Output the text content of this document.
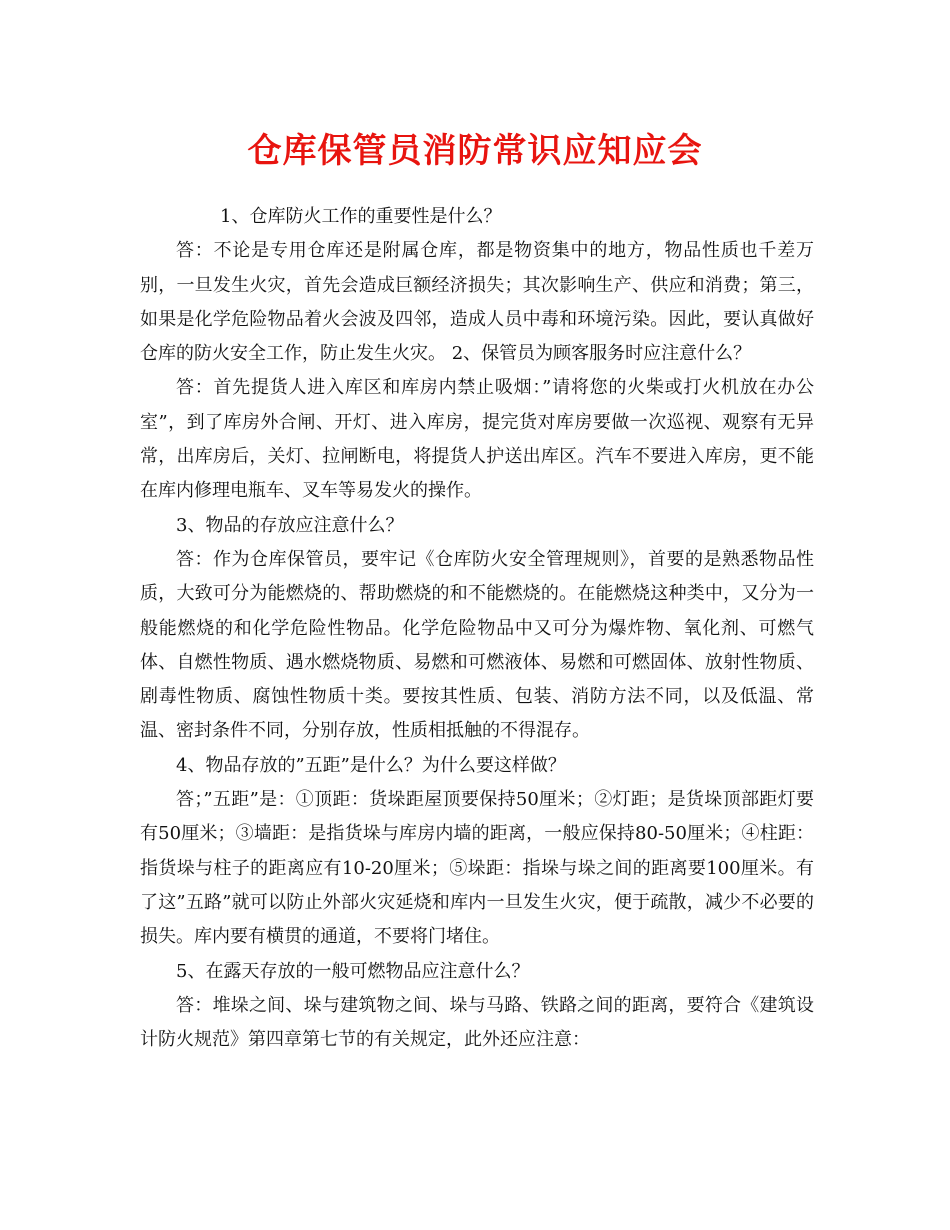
仓库保管员消防常识应知应会

1、仓库防火工作的重要性是什么？

答：不论是专用仓库还是附属仓库，都是物资集中的地方，物品性质也千差万别，一旦发生火灾，首先会造成巨额经济损失；其次影响生产、供应和消费；第三，如果是化学危险物品着火会波及四邻，造成人员中毒和环境污染。因此，要认真做好仓库的防火安全工作，防止发生火灾。 2、保管员为顾客服务时应注意什么？

答：首先提货人进入库区和库房内禁止吸烟：”请将您的火柴或打火机放在办公室”，到了库房外合闸、开灯、进入库房，提完货对库房要做一次巡视、观察有无异常，出库房后，关灯、拉闸断电，将提货人护送出库区。汽车不要进入库房，更不能在库内修理电瓶车、叉车等易发火的操作。

3、物品的存放应注意什么？

答：作为仓库保管员，要牢记《仓库防火安全管理规则》，首要的是熟悉物品性质，大致可分为能燃烧的、帮助燃烧的和不能燃烧的。在能燃烧这种类中，又分为一般能燃烧的和化学危险性物品。化学危险物品中又可分为爆炸物、氧化剂、可燃气体、自燃性物质、遇水燃烧物质、易燃和可燃液体、易燃和可燃固体、放射性物质、剧毒性物质、腐蚀性物质十类。要按其性质、包装、消防方法不同，以及低温、常温、密封条件不同，分别存放，性质相抵触的不得混存。

4、物品存放的”五距”是什么？为什么要这样做？

答；”五距”是：①顶距：货垛距屋顶要保持50厘米；②灯距；是货垛顶部距灯要有50厘米；③墙距：是指货垛与库房内墙的距离，一般应保持80-50厘米；④柱距：指货垛与柱子的距离应有10-20厘米；⑤垛距：指垛与垛之间的距离要100厘米。有了这”五路”就可以防止外部火灾延烧和库内一旦发生火灾，便于疏散，减少不必要的损失。库内要有横贯的通道，不要将门堵住。

5、在露天存放的一般可燃物品应注意什么？

答：堆垛之间、垛与建筑物之间、垛与马路、铁路之间的距离，要符合《建筑设计防火规范》第四章第七节的有关规定，此外还应注意：
